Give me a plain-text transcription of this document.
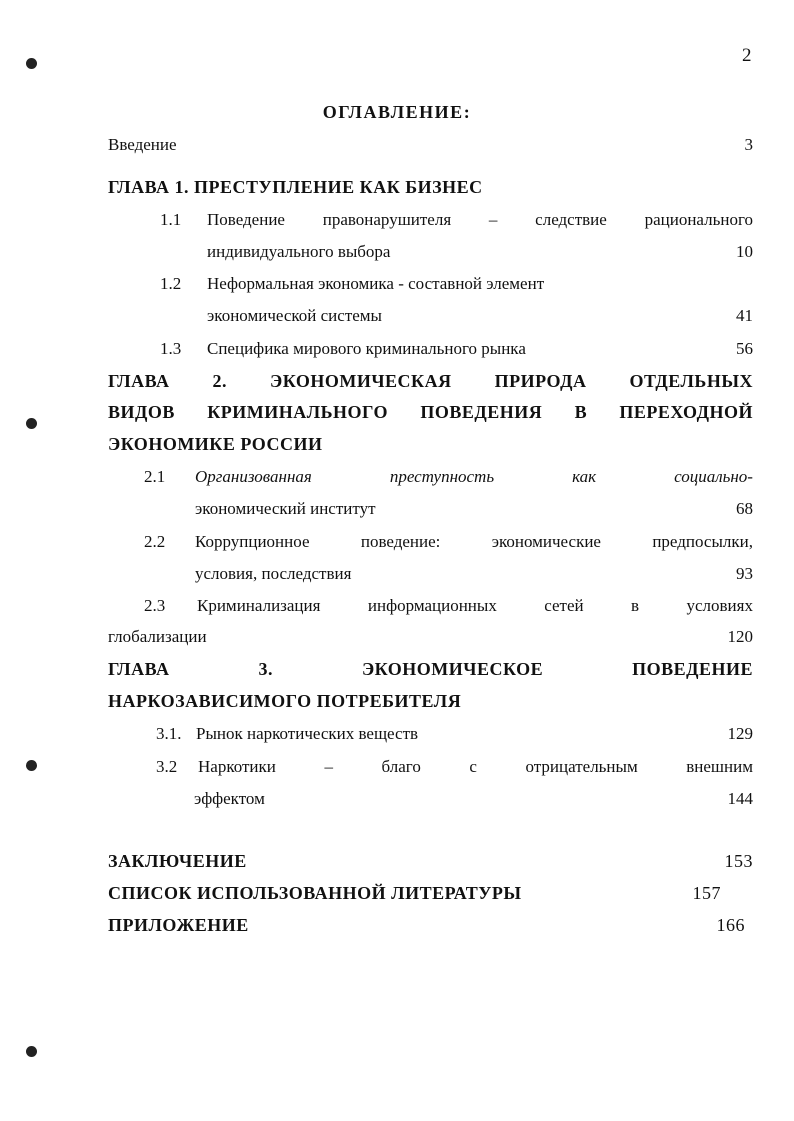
2
ОГЛАВЛЕНИЕ:
Введение	3
ГЛАВА 1. ПРЕСТУПЛЕНИЕ КАК БИЗНЕС
1.1 Поведение правонарушителя – следствие рационального
индивидуального выбора	10
1.2 Неформальная экономика - составной элемент
экономической системы	41
1.3 Специфика мирового криминального рынка	56
ГЛАВА 2. ЭКОНОМИЧЕСКАЯ ПРИРОДА ОТДЕЛЬНЫХ
ВИДОВ КРИМИНАЛЬНОГО ПОВЕДЕНИЯ В ПЕРЕХОДНОЙ
ЭКОНОМИКЕ РОССИИ
2.1 Организованная	преступность	как	социально-
экономический институт	68
2.2 Коррупционное	поведение:	экономические	предпосылки,
условия, последствия	93
2.3 Криминализация	информационных	сетей	в	условиях
глобализации	120
ГЛАВА	3.	ЭКОНОМИЧЕСКОЕ	ПОВЕДЕНИЕ
НАРКОЗАВИСИМОГО ПОТРЕБИТЕЛЯ
3.1. Рынок наркотических веществ	129
3.2 Наркотики	–	благо	с	отрицательным	внешним
эффектом	144
ЗАКЛЮЧЕНИЕ	153
СПИСОК ИСПОЛЬЗОВАННОЙ ЛИТЕРАТУРЫ	157
ПРИЛОЖЕНИЕ	166
